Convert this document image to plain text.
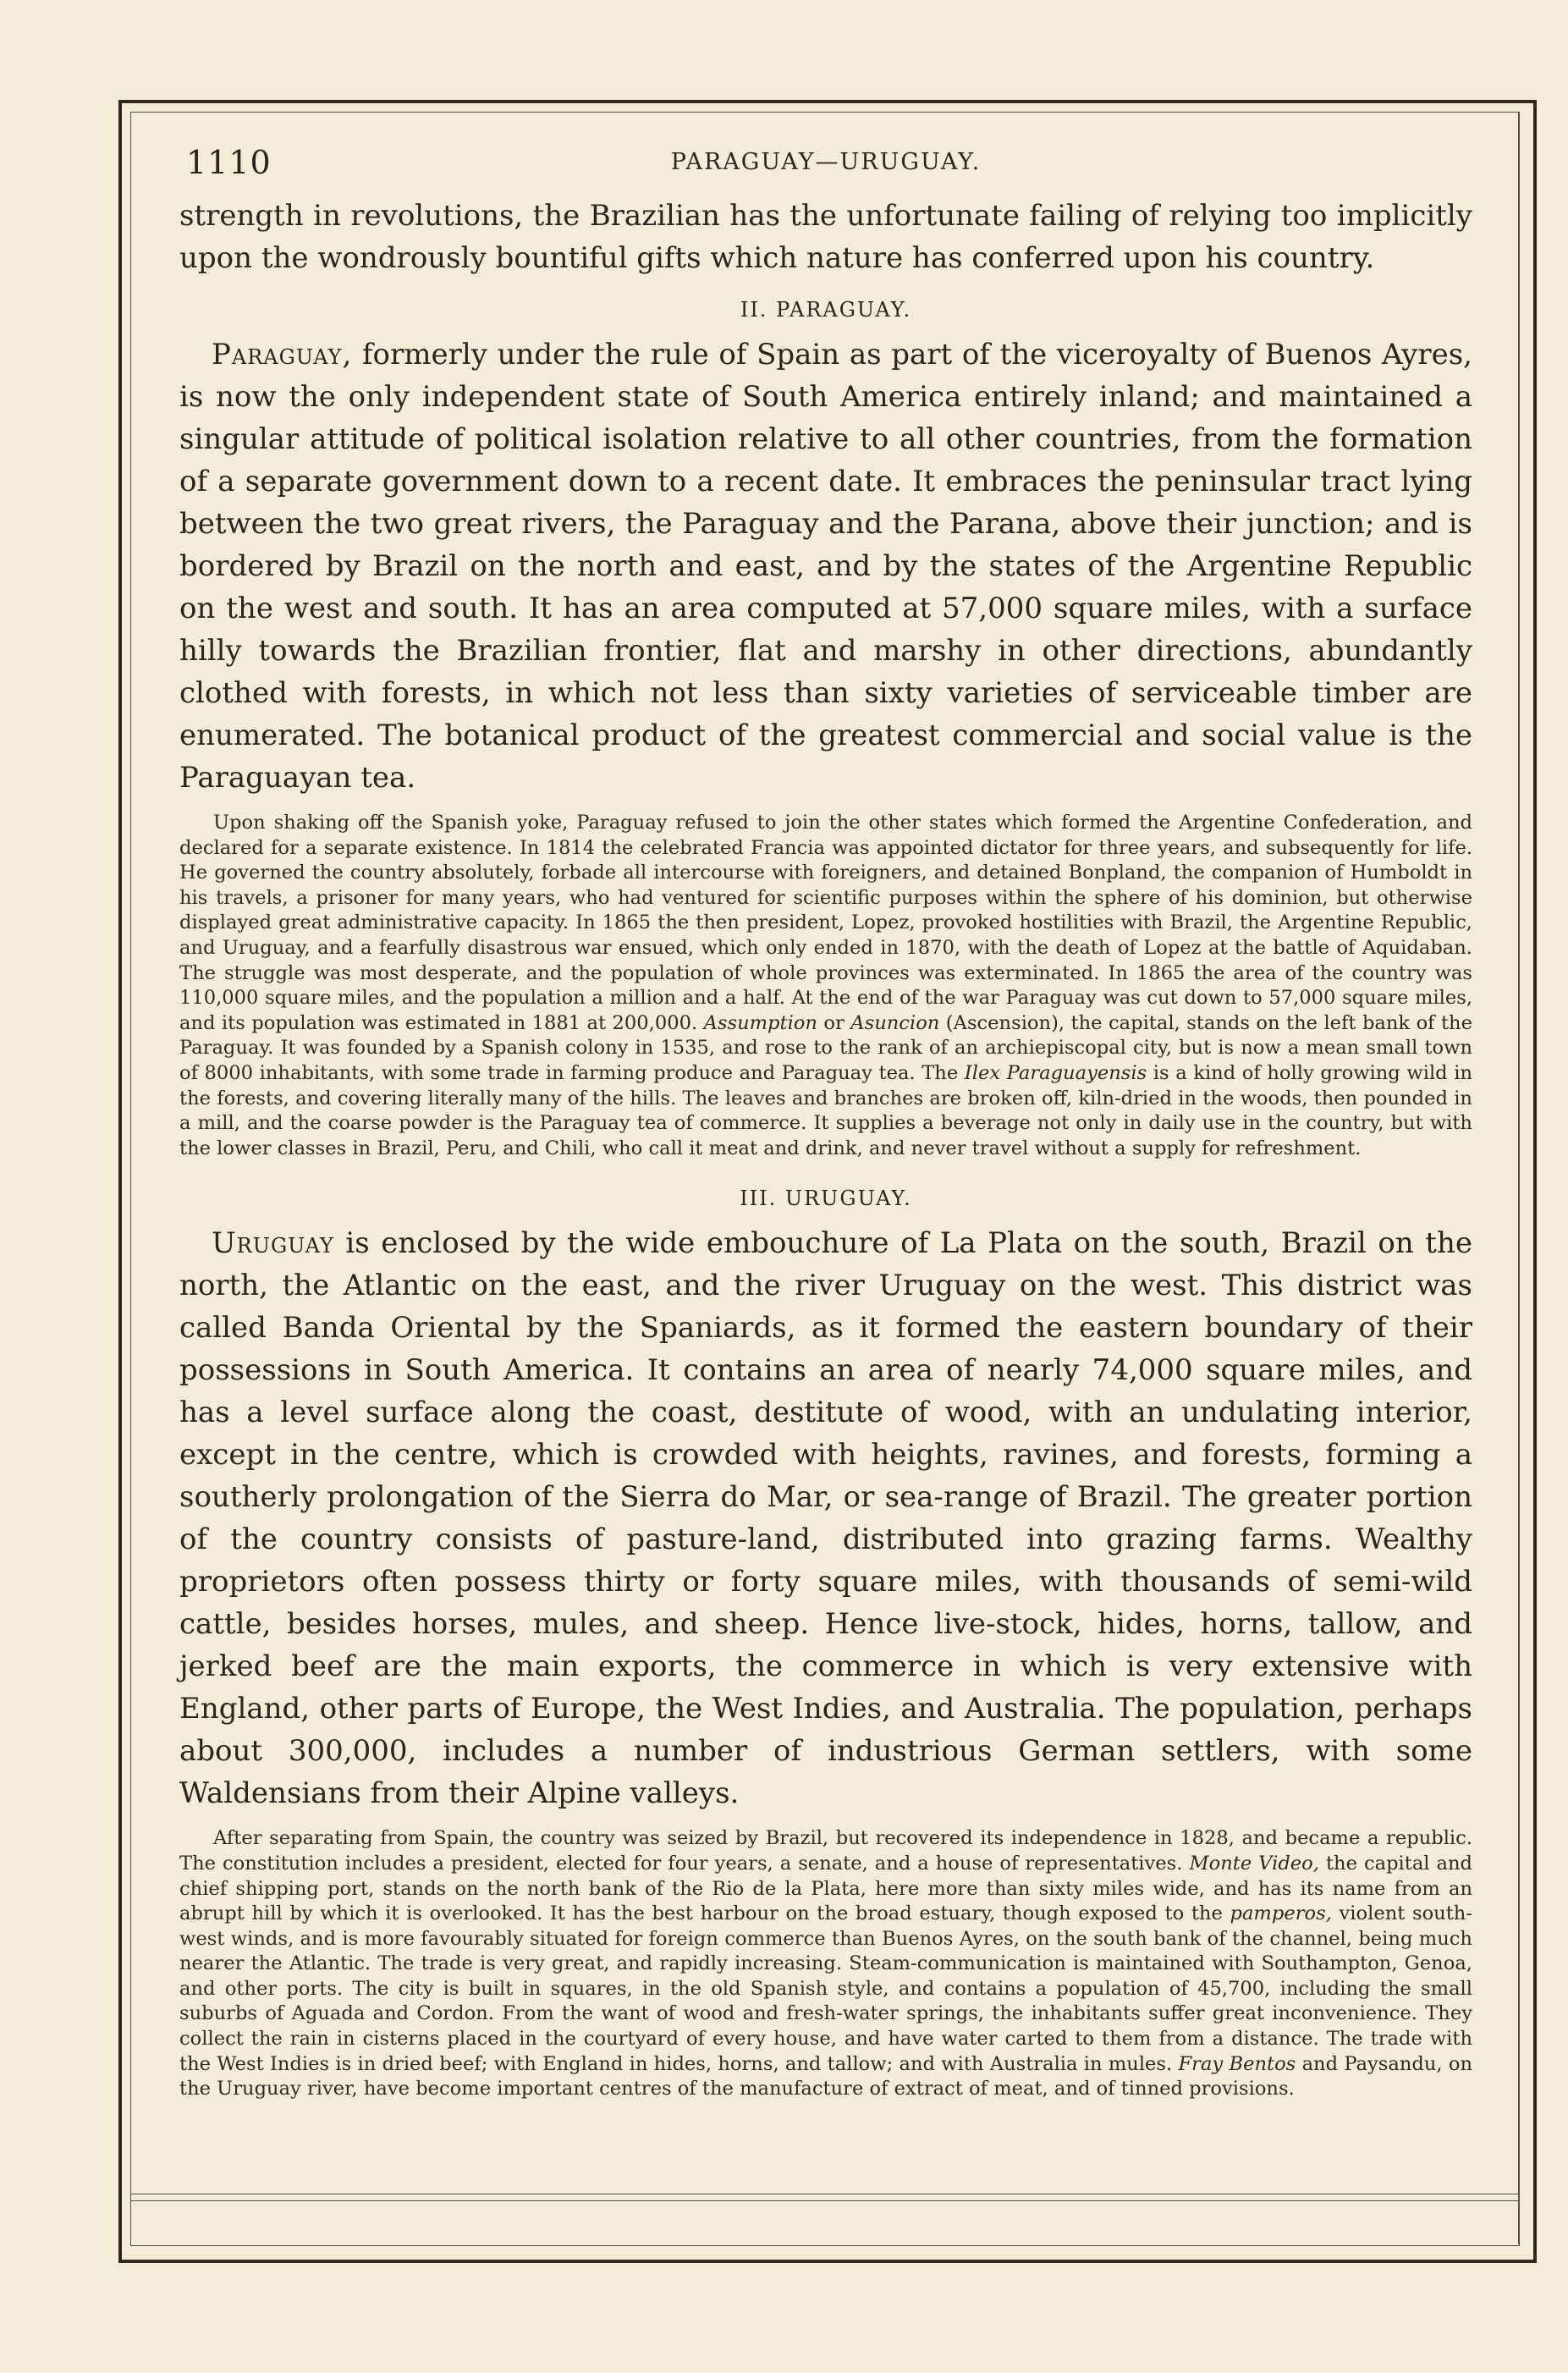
1110	PARAGUAY—URUGUAY.

strength in revolutions, the Brazilian has the unfortunate failing of relying too implicitly upon the wondrously bountiful gifts which nature has conferred upon his country.

II. PARAGUAY.

Paraguay, formerly under the rule of Spain as part of the viceroyalty of Buenos Ayres, is now the only independent state of South America entirely inland; and maintained a singular attitude of political isolation relative to all other countries, from the formation of a separate government down to a recent date. It embraces the peninsular tract lying between the two great rivers, the Paraguay and the Parana, above their junction; and is bordered by Brazil on the north and east, and by the states of the Argentine Republic on the west and south. It has an area computed at 57,000 square miles, with a surface hilly towards the Brazilian frontier, flat and marshy in other directions, abundantly clothed with forests, in which not less than sixty varieties of serviceable timber are enumerated. The botanical product of the greatest commercial and social value is the Paraguayan tea.

Upon shaking off the Spanish yoke, Paraguay refused to join the other states which formed the Argentine Confederation, and declared for a separate existence. In 1814 the celebrated Francia was appointed dictator for three years, and subsequently for life. He governed the country absolutely, forbade all intercourse with foreigners, and detained Bonpland, the companion of Humboldt in his travels, a prisoner for many years, who had ventured for scientific purposes within the sphere of his dominion, but otherwise displayed great administrative capacity. In 1865 the then president, Lopez, provoked hostilities with Brazil, the Argentine Republic, and Uruguay, and a fearfully disastrous war ensued, which only ended in 1870, with the death of Lopez at the battle of Aquidaban. The struggle was most desperate, and the population of whole provinces was exterminated. In 1865 the area of the country was 110,000 square miles, and the population a million and a half. At the end of the war Paraguay was cut down to 57,000 square miles, and its population was estimated in 1881 at 200,000. Assumption or Asuncion (Ascension), the capital, stands on the left bank of the Paraguay. It was founded by a Spanish colony in 1535, and rose to the rank of an archiepiscopal city, but is now a mean small town of 8000 inhabitants, with some trade in farming produce and Paraguay tea. The Ilex Paraguayensis is a kind of holly growing wild in the forests, and covering literally many of the hills. The leaves and branches are broken off, kiln-dried in the woods, then pounded in a mill, and the coarse powder is the Paraguay tea of commerce. It supplies a beverage not only in daily use in the country, but with the lower classes in Brazil, Peru, and Chili, who call it meat and drink, and never travel without a supply for refreshment.

III. URUGUAY.

Uruguay is enclosed by the wide embouchure of La Plata on the south, Brazil on the north, the Atlantic on the east, and the river Uruguay on the west. This district was called Banda Oriental by the Spaniards, as it formed the eastern boundary of their possessions in South America. It contains an area of nearly 74,000 square miles, and has a level surface along the coast, destitute of wood, with an undulating interior, except in the centre, which is crowded with heights, ravines, and forests, forming a southerly prolongation of the Sierra do Mar, or sea-range of Brazil. The greater portion of the country consists of pasture-land, distributed into grazing farms. Wealthy proprietors often possess thirty or forty square miles, with thousands of semi-wild cattle, besides horses, mules, and sheep. Hence live-stock, hides, horns, tallow, and jerked beef are the main exports, the commerce in which is very extensive with England, other parts of Europe, the West Indies, and Australia. The population, perhaps about 300,000, includes a number of industrious German settlers, with some Waldensians from their Alpine valleys.

After separating from Spain, the country was seized by Brazil, but recovered its independence in 1828, and became a republic. The constitution includes a president, elected for four years, a senate, and a house of representatives. Monte Video, the capital and chief shipping port, stands on the north bank of the Rio de la Plata, here more than sixty miles wide, and has its name from an abrupt hill by which it is overlooked. It has the best harbour on the broad estuary, though exposed to the pamperos, violent south-west winds, and is more favourably situated for foreign commerce than Buenos Ayres, on the south bank of the channel, being much nearer the Atlantic. The trade is very great, and rapidly increasing. Steam-communication is maintained with Southampton, Genoa, and other ports. The city is built in squares, in the old Spanish style, and contains a population of 45,700, including the small suburbs of Aguada and Cordon. From the want of wood and fresh-water springs, the inhabitants suffer great inconvenience. They collect the rain in cisterns placed in the courtyard of every house, and have water carted to them from a distance. The trade with the West Indies is in dried beef; with England in hides, horns, and tallow; and with Australia in mules. Fray Bentos and Paysandu, on the Uruguay river, have become important centres of the manufacture of extract of meat, and of tinned provisions.
